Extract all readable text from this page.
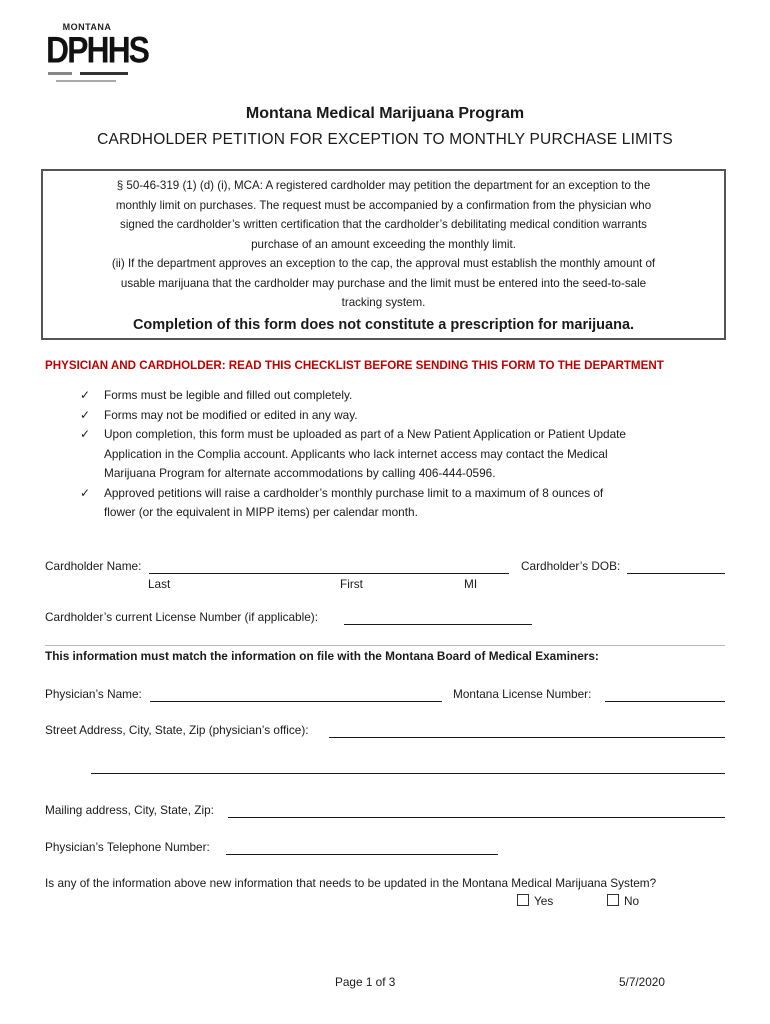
MONTANA
DPHHS
Montana Medical Marijuana Program
CARDHOLDER PETITION FOR EXCEPTION TO MONTHLY PURCHASE LIMITS
§ 50-46-319 (1) (d) (i), MCA: A registered cardholder may petition the department for an exception to the
monthly limit on purchases. The request must be accompanied by a confirmation from the physician who
signed the cardholder’s written certification that the cardholder’s debilitating medical condition warrants
purchase of an amount exceeding the monthly limit.
(ii) If the department approves an exception to the cap, the approval must establish the monthly amount of
usable marijuana that the cardholder may purchase and the limit must be entered into the seed-to-sale
tracking system.
Completion of this form does not constitute a prescription for marijuana.
PHYSICIAN AND CARDHOLDER: READ THIS CHECKLIST BEFORE SENDING THIS FORM TO THE DEPARTMENT
✓	Forms must be legible and filled out completely.
✓	Forms may not be modified or edited in any way.
✓	Upon completion, this form must be uploaded as part of a New Patient Application or Patient Update
Application in the Complia account. Applicants who lack internet access may contact the Medical
Marijuana Program for alternate accommodations by calling 406-444-0596.
✓	Approved petitions will raise a cardholder’s monthly purchase limit to a maximum of 8 ounces of
flower (or the equivalent in MIPP items) per calendar month.
Cardholder Name:	Cardholder’s DOB:
Last	First	MI
Cardholder’s current License Number (if applicable):
This information must match the information on file with the Montana Board of Medical Examiners:
Physician’s Name:	Montana License Number:
Street Address, City, State, Zip (physician’s office):
Mailing address, City, State, Zip:
Physician’s Telephone Number:
Is any of the information above new information that needs to be updated in the Montana Medical Marijuana System?
Yes	No
Page 1 of 3	5/7/2020
